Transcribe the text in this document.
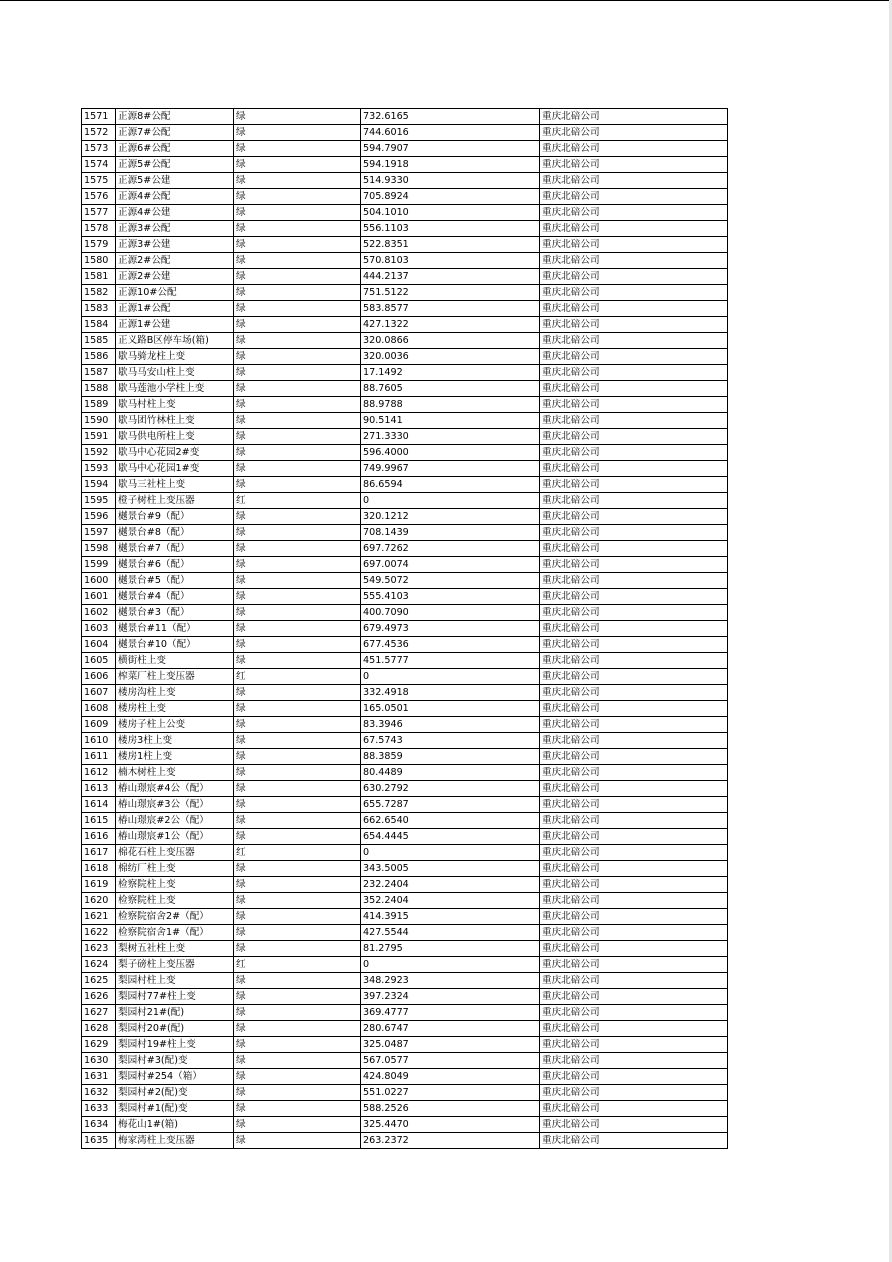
1571	正源8#公配	绿	732.6165	重庆北碚公司
1572	正源7#公配	绿	744.6016	重庆北碚公司
1573	正源6#公配	绿	594.7907	重庆北碚公司
1574	正源5#公配	绿	594.1918	重庆北碚公司
1575	正源5#公建	绿	514.9330	重庆北碚公司
1576	正源4#公配	绿	705.8924	重庆北碚公司
1577	正源4#公建	绿	504.1010	重庆北碚公司
1578	正源3#公配	绿	556.1103	重庆北碚公司
1579	正源3#公建	绿	522.8351	重庆北碚公司
1580	正源2#公配	绿	570.8103	重庆北碚公司
1581	正源2#公建	绿	444.2137	重庆北碚公司
1582	正源10#公配	绿	751.5122	重庆北碚公司
1583	正源1#公配	绿	583.8577	重庆北碚公司
1584	正源1#公建	绿	427.1322	重庆北碚公司
1585	正义路B区停车场(箱)	绿	320.0866	重庆北碚公司
1586	歇马骑龙柱上变	绿	320.0036	重庆北碚公司
1587	歇马马安山柱上变	绿	17.1492	重庆北碚公司
1588	歇马莲池小学柱上变	绿	88.7605	重庆北碚公司
1589	歇马村柱上变	绿	88.9788	重庆北碚公司
1590	歇马团竹林柱上变	绿	90.5141	重庆北碚公司
1591	歇马供电所柱上变	绿	271.3330	重庆北碚公司
1592	歇马中心花园2#变	绿	596.4000	重庆北碚公司
1593	歇马中心花园1#变	绿	749.9967	重庆北碚公司
1594	歇马三社柱上变	绿	86.6594	重庆北碚公司
1595	橙子树柱上变压器	红	0	重庆北碚公司
1596	樾景台#9（配）	绿	320.1212	重庆北碚公司
1597	樾景台#8（配）	绿	708.1439	重庆北碚公司
1598	樾景台#7（配）	绿	697.7262	重庆北碚公司
1599	樾景台#6（配）	绿	697.0074	重庆北碚公司
1600	樾景台#5（配）	绿	549.5072	重庆北碚公司
1601	樾景台#4（配）	绿	555.4103	重庆北碚公司
1602	樾景台#3（配）	绿	400.7090	重庆北碚公司
1603	樾景台#11（配）	绿	679.4973	重庆北碚公司
1604	樾景台#10（配）	绿	677.4536	重庆北碚公司
1605	横街柱上变	绿	451.5777	重庆北碚公司
1606	榨菜厂柱上变压器	红	0	重庆北碚公司
1607	楼房沟柱上变	绿	332.4918	重庆北碚公司
1608	楼房柱上变	绿	165.0501	重庆北碚公司
1609	楼房子柱上公变	绿	83.3946	重庆北碚公司
1610	楼房3柱上变	绿	67.5743	重庆北碚公司
1611	楼房1柱上变	绿	88.3859	重庆北碚公司
1612	楠木树柱上变	绿	80.4489	重庆北碚公司
1613	椿山璟宸#4公（配）	绿	630.2792	重庆北碚公司
1614	椿山璟宸#3公（配）	绿	655.7287	重庆北碚公司
1615	椿山璟宸#2公（配）	绿	662.6540	重庆北碚公司
1616	椿山璟宸#1公（配）	绿	654.4445	重庆北碚公司
1617	棉花石柱上变压器	红	0	重庆北碚公司
1618	棉纺厂柱上变	绿	343.5005	重庆北碚公司
1619	检察院柱上变	绿	232.2404	重庆北碚公司
1620	检察院柱上变	绿	352.2404	重庆北碚公司
1621	检察院宿舍2#（配）	绿	414.3915	重庆北碚公司
1622	检察院宿舍1#（配）	绿	427.5544	重庆北碚公司
1623	梨树五社柱上变	绿	81.2795	重庆北碚公司
1624	梨子磅柱上变压器	红	0	重庆北碚公司
1625	梨园村柱上变	绿	348.2923	重庆北碚公司
1626	梨园村77#柱上变	绿	397.2324	重庆北碚公司
1627	梨园村21#(配)	绿	369.4777	重庆北碚公司
1628	梨园村20#(配)	绿	280.6747	重庆北碚公司
1629	梨园村19#柱上变	绿	325.0487	重庆北碚公司
1630	梨园村#3(配)变	绿	567.0577	重庆北碚公司
1631	梨园村#254（箱）	绿	424.8049	重庆北碚公司
1632	梨园村#2(配)变	绿	551.0227	重庆北碚公司
1633	梨园村#1(配)变	绿	588.2526	重庆北碚公司
1634	梅花山1#(箱)	绿	325.4470	重庆北碚公司
1635	梅家湾柱上变压器	绿	263.2372	重庆北碚公司
